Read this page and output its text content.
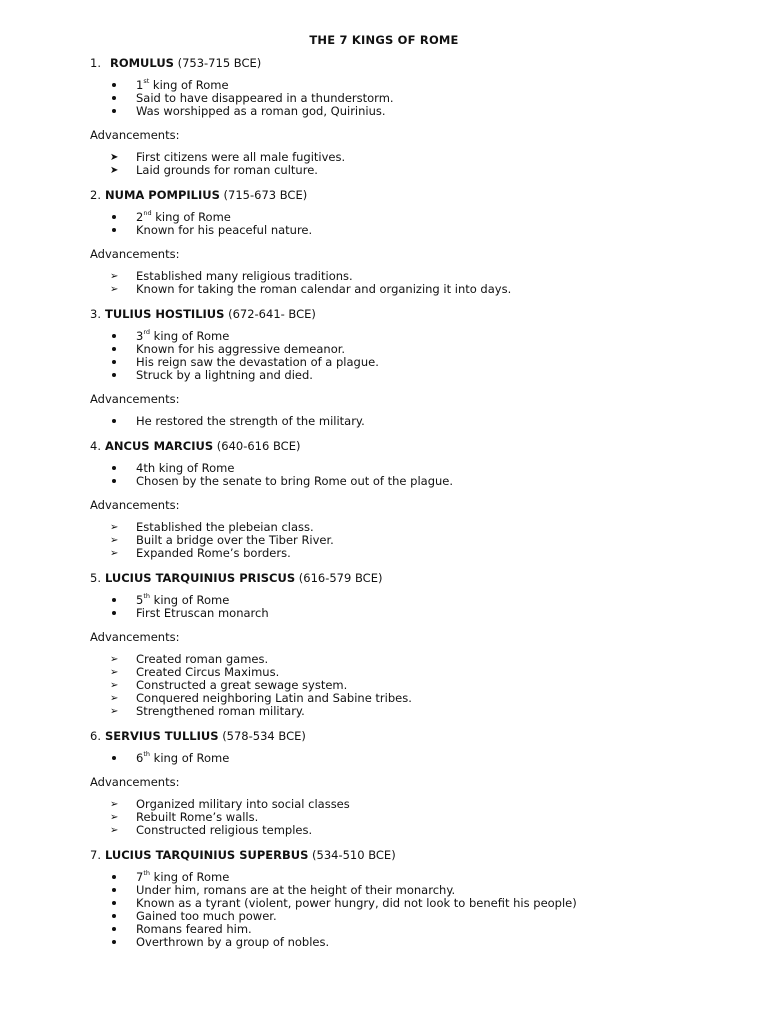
THE 7 KINGS OF ROME
1. ROMULUS (753-715 BCE)
1st king of Rome
Said to have disappeared in a thunderstorm.
Was worshipped as a roman god, Quirinius.
Advancements:
➤	First citizens were all male fugitives.
➤	Laid grounds for roman culture.
2. NUMA POMPILIUS (715-673 BCE)
2nd king of Rome
Known for his peaceful nature.
Advancements:
➢	Established many religious traditions.
➢	Known for taking the roman calendar and organizing it into days.
3. TULIUS HOSTILIUS (672-641- BCE)
3rd king of Rome
Known for his aggressive demeanor.
His reign saw the devastation of a plague.
Struck by a lightning and died.
Advancements:
He restored the strength of the military.
4. ANCUS MARCIUS (640-616 BCE)
4th king of Rome
Chosen by the senate to bring Rome out of the plague.
Advancements:
➢	Established the plebeian class.
➢	Built a bridge over the Tiber River.
➢	Expanded Rome’s borders.
5. LUCIUS TARQUINIUS PRISCUS (616-579 BCE)
5th king of Rome
First Etruscan monarch
Advancements:
➢	Created roman games.
➢	Created Circus Maximus.
➢	Constructed a great sewage system.
➢	Conquered neighboring Latin and Sabine tribes.
➢	Strengthened roman military.
6. SERVIUS TULLIUS (578-534 BCE)
6th king of Rome
Advancements:
➢	Organized military into social classes
➢	Rebuilt Rome’s walls.
➢	Constructed religious temples.
7. LUCIUS TARQUINIUS SUPERBUS (534-510 BCE)
7th king of Rome
Under him, romans are at the height of their monarchy.
Known as a tyrant (violent, power hungry, did not look to benefit his people)
Gained too much power.
Romans feared him.
Overthrown by a group of nobles.
